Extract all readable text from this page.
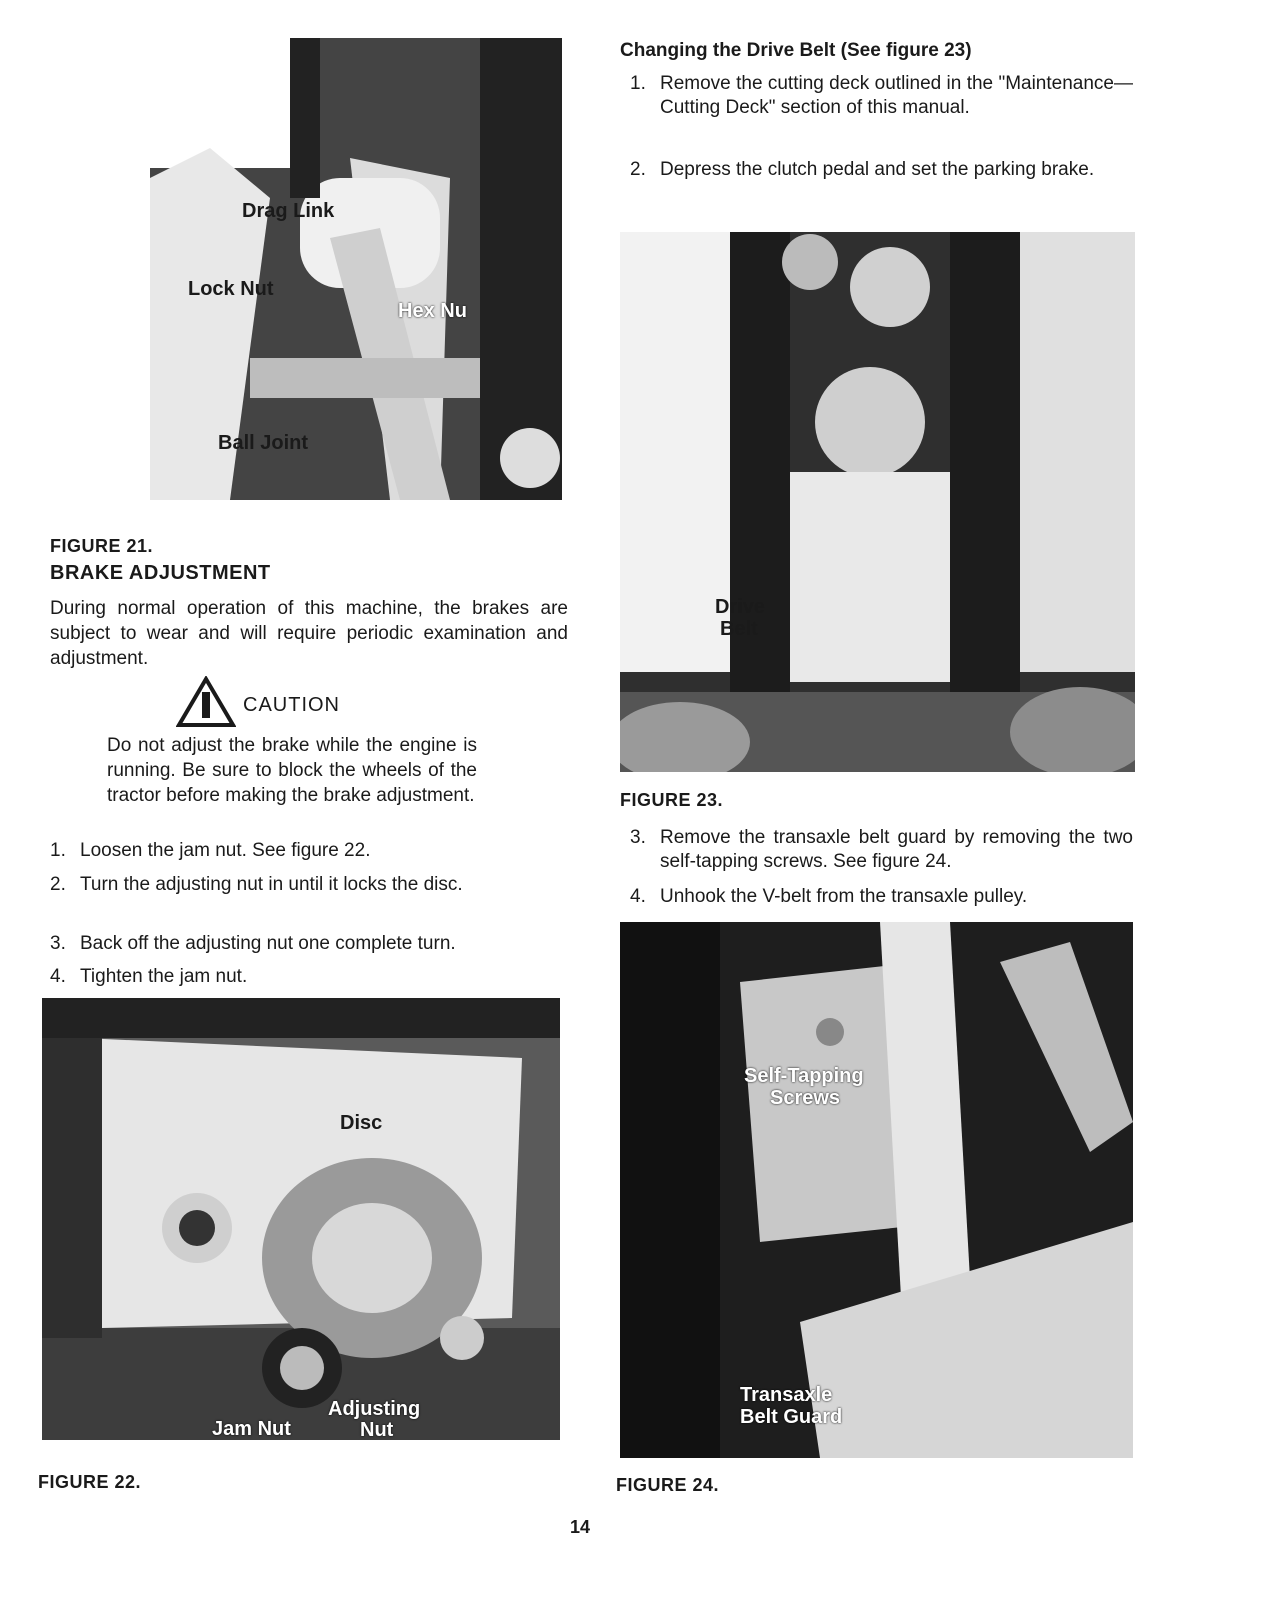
Drag Link
Lock Nut
Hex Nu
Ball Joint
FIGURE 21.
BRAKE ADJUSTMENT
During normal operation of this machine, the brakes are subject to wear and will require periodic examination and adjustment.
CAUTION
Do not adjust the brake while the engine is running. Be sure to block the wheels of the tractor before making the brake adjustment.
1. Loosen the jam nut. See figure 22.
2. Turn the adjusting nut in until it locks the disc.
3. Back off the adjusting nut one complete turn.
4. Tighten the jam nut.
Disc
Jam Nut
Adjusting
Nut
FIGURE 22.
Changing the Drive Belt (See figure 23)
1. Remove the cutting deck outlined in the "Maintenance—Cutting Deck" section of this manual.
2. Depress the clutch pedal and set the parking brake.
Drive
Belt
FIGURE 23.
3. Remove the transaxle belt guard by removing the two self-tapping screws. See figure 24.
4. Unhook the V-belt from the transaxle pulley.
Self-Tapping
Screws
Transaxle
Belt Guard
FIGURE 24.
14
